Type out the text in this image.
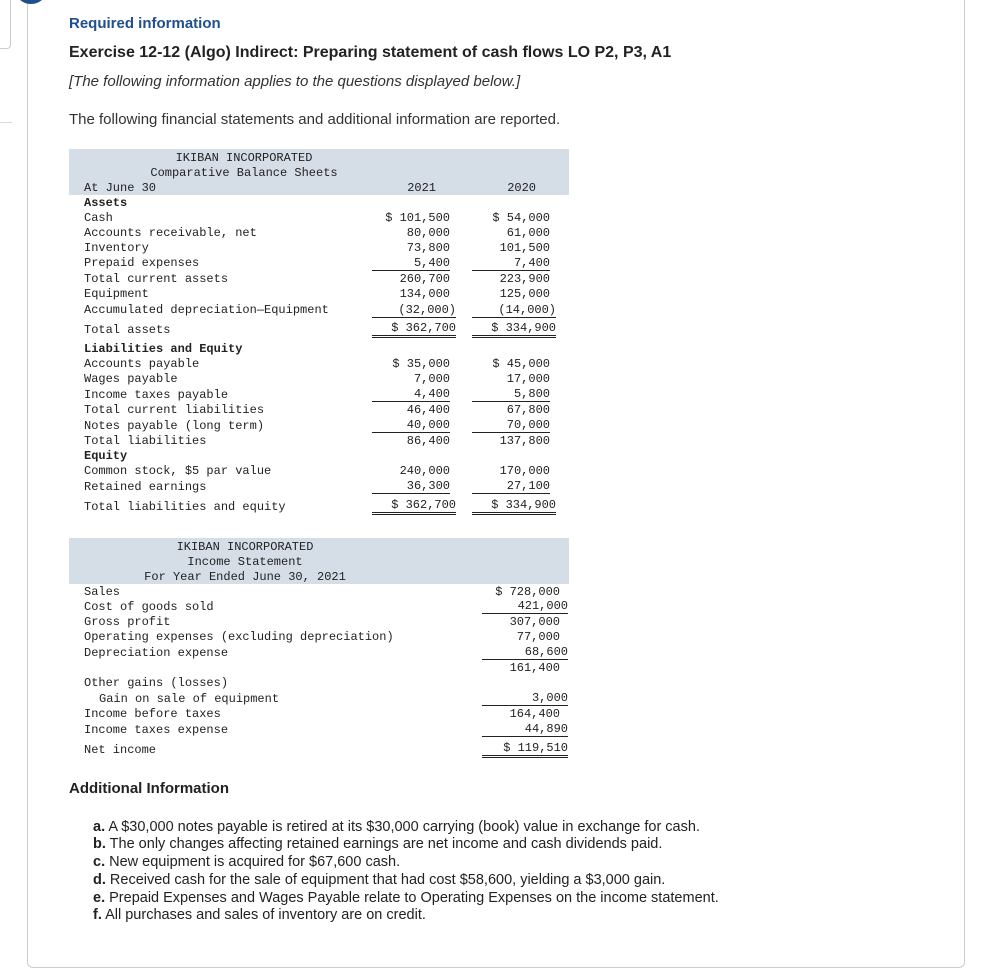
Required information
Exercise 12-12 (Algo) Indirect: Preparing statement of cash flows LO P2, P3, A1
[The following information applies to the questions displayed below.]
The following financial statements and additional information are reported.
IKIBAN INCORPORATED
Comparative Balance Sheets
At June 30	2021	2020
Assets
Cash	$ 101,500	$ 54,000
Accounts receivable, net	80,000	61,000
Inventory	73,800	101,500
Prepaid expenses	5,400	7,400
Total current assets	260,700	223,900
Equipment	134,000	125,000
Accumulated depreciation—Equipment	(32,000)	(14,000)
Total assets	$ 362,700	$ 334,900
Liabilities and Equity
Accounts payable	$ 35,000	$ 45,000
Wages payable	7,000	17,000
Income taxes payable	4,400	5,800
Total current liabilities	46,400	67,800
Notes payable (long term)	40,000	70,000
Total liabilities	86,400	137,800
Equity
Common stock, $5 par value	240,000	170,000
Retained earnings	36,300	27,100
Total liabilities and equity	$ 362,700	$ 334,900
IKIBAN INCORPORATED
Income Statement
For Year Ended June 30, 2021
Sales	$ 728,000
Cost of goods sold	421,000
Gross profit	307,000
Operating expenses (excluding depreciation)	77,000
Depreciation expense	68,600
161,400
Other gains (losses)
Gain on sale of equipment	3,000
Income before taxes	164,400
Income taxes expense	44,890
Net income	$ 119,510
Additional Information
a. A $30,000 notes payable is retired at its $30,000 carrying (book) value in exchange for cash.
b. The only changes affecting retained earnings are net income and cash dividends paid.
c. New equipment is acquired for $67,600 cash.
d. Received cash for the sale of equipment that had cost $58,600, yielding a $3,000 gain.
e. Prepaid Expenses and Wages Payable relate to Operating Expenses on the income statement.
f. All purchases and sales of inventory are on credit.
